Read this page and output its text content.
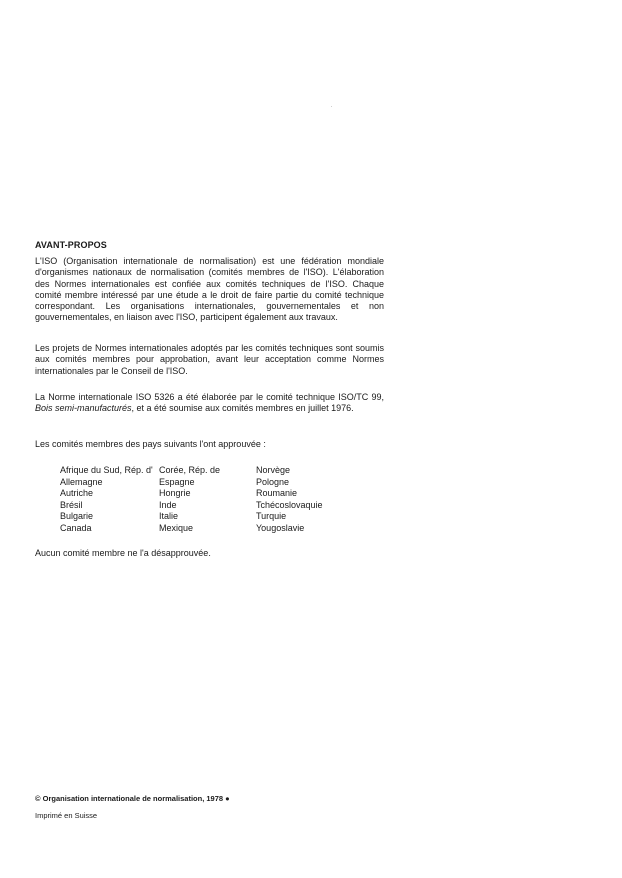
AVANT-PROPOS

L'ISO (Organisation internationale de normalisation) est une fédération mondiale d'organismes nationaux de normalisation (comités membres de l'ISO). L'élaboration des Normes internationales est confiée aux comités techniques de l'ISO. Chaque comité membre intéressé par une étude a le droit de faire partie du comité technique correspondant. Les organisations internationales, gouvernementales et non gouvernementales, en liaison avec l'ISO, participent également aux travaux.

Les projets de Normes internationales adoptés par les comités techniques sont soumis aux comités membres pour approbation, avant leur acceptation comme Normes internationales par le Conseil de l'ISO.

La Norme internationale ISO 5326 a été élaborée par le comité technique ISO/TC 99, Bois semi-manufacturés, et a été soumise aux comités membres en juillet 1976.

Les comités membres des pays suivants l'ont approuvée :

Afrique du Sud, Rép. d'
Allemagne
Autriche
Brésil
Bulgarie
Canada
Corée, Rép. de
Espagne
Hongrie
Inde
Italie
Mexique
Norvège
Pologne
Roumanie
Tchécoslovaquie
Turquie
Yougoslavie

Aucun comité membre ne l'a désapprouvée.

© Organisation internationale de normalisation, 1978 ●
Imprimé en Suisse
